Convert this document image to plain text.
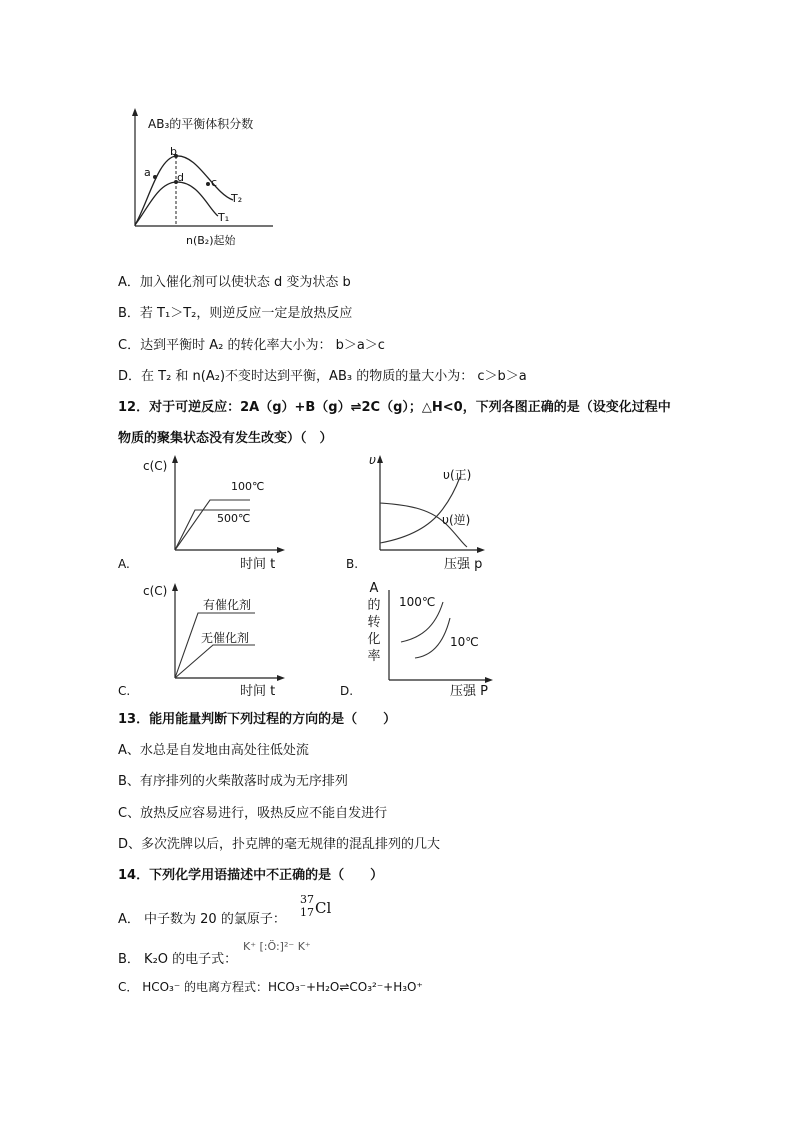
AB₃的平衡体积分数
a
b
d c
T₂
T₁
n(B₂)起始
A．加入催化剂可以使状态 d 变为状态 b
B．若 T₁＞T₂，则逆反应一定是放热反应
C．达到平衡时 A₂ 的转化率大小为： b＞a＞c
D．在 T₂ 和 n(A₂)不变时达到平衡，AB₃ 的物质的量大小为： c＞b＞a
12．对于可逆反应：2A（g）+B（g）⇌2C（g）；△H<0，下列各图正确的是（设变化过程中
物质的聚集状态没有发生改变）（　）
c(C)
100℃
500℃
时间 t
A.
υ
υ(正)
υ(逆)
压强 p
B.
c(C)
有催化剂
无催化剂
时间 t
C.
A
的
转
化
率
100℃
10℃
压强 P
D.
13．能用能量判断下列过程的方向的是（　　）
A、水总是自发地由高处往低处流
B、有序排列的火柴散落时成为无序排列
C、放热反应容易进行，吸热反应不能自发进行
D、多次洗牌以后，扑克牌的毫无规律的混乱排列的几大
14．下列化学用语描述中不正确的是（　　）
A． 中子数为 20 的氯原子：
37
17 Cl
B． K₂O 的电子式：
K⁺ [:Ö:]²⁻ K⁺
C． HCO₃⁻ 的电离方程式：HCO₃⁻+H₂O⇌CO₃²⁻+H₃O⁺
